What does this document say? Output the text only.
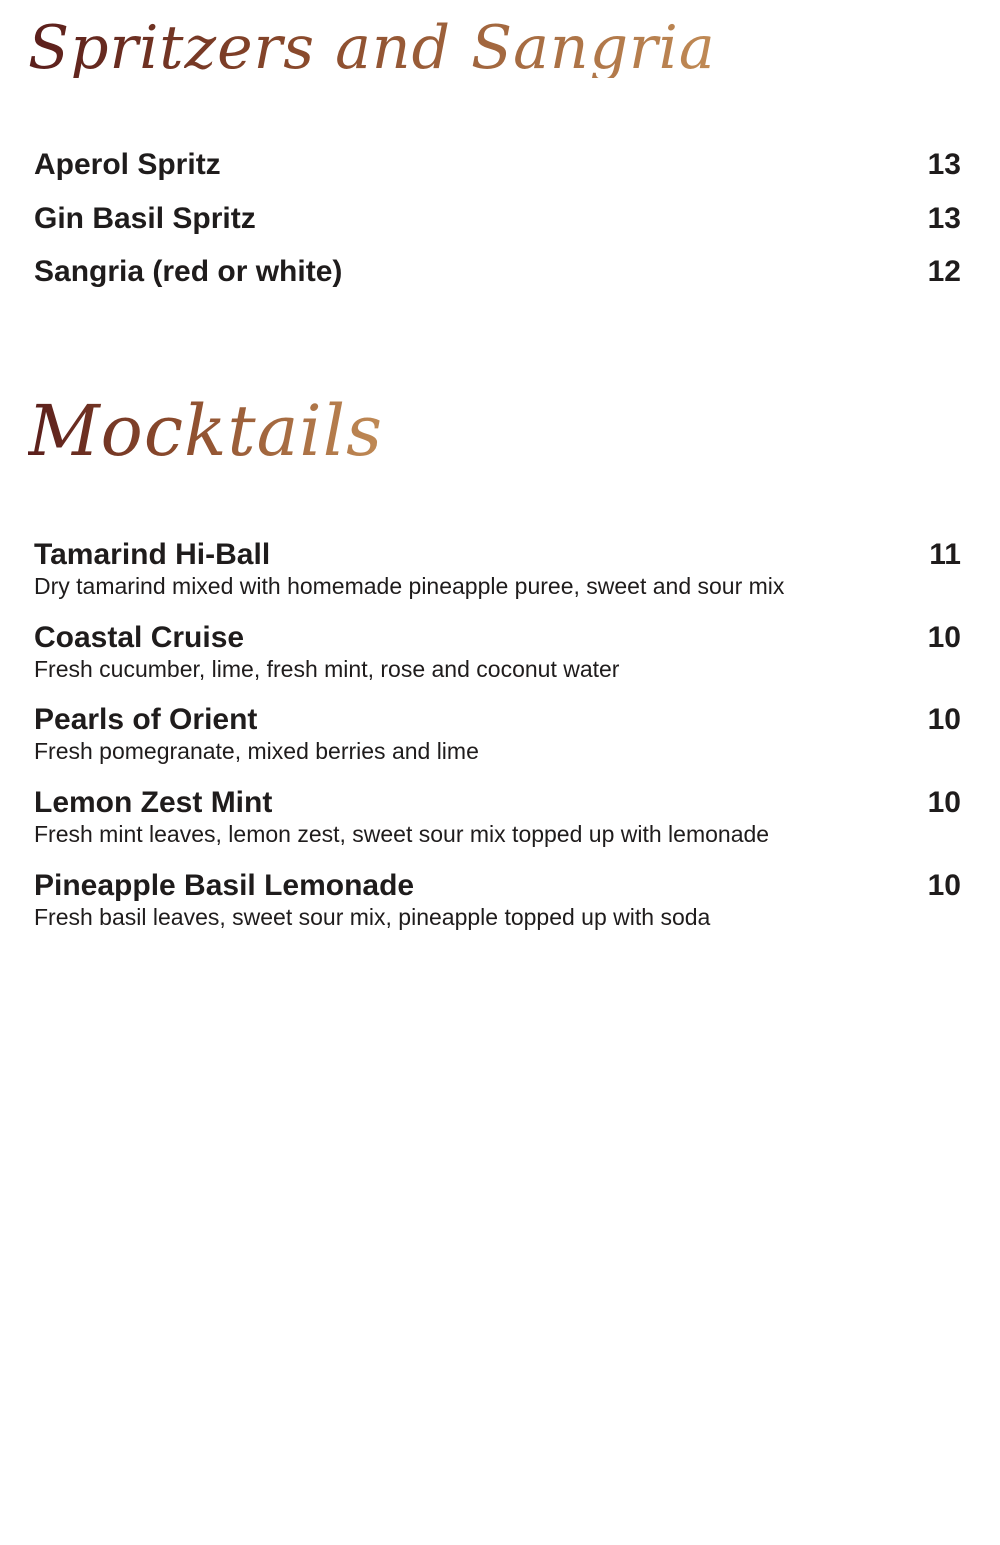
Spritzers and Sangria
Aperol Spritz	13
Gin Basil Spritz	13
Sangria (red or white)	12
Mocktails
Tamarind Hi-Ball	11
Dry tamarind mixed with homemade pineapple puree, sweet and sour mix
Coastal Cruise	10
Fresh cucumber, lime, fresh mint, rose and coconut water
Pearls of Orient	10
Fresh pomegranate, mixed berries and lime
Lemon Zest Mint	10
Fresh mint leaves, lemon zest, sweet sour mix topped up with lemonade
Pineapple Basil Lemonade	10
Fresh basil leaves, sweet sour mix, pineapple topped up with soda
